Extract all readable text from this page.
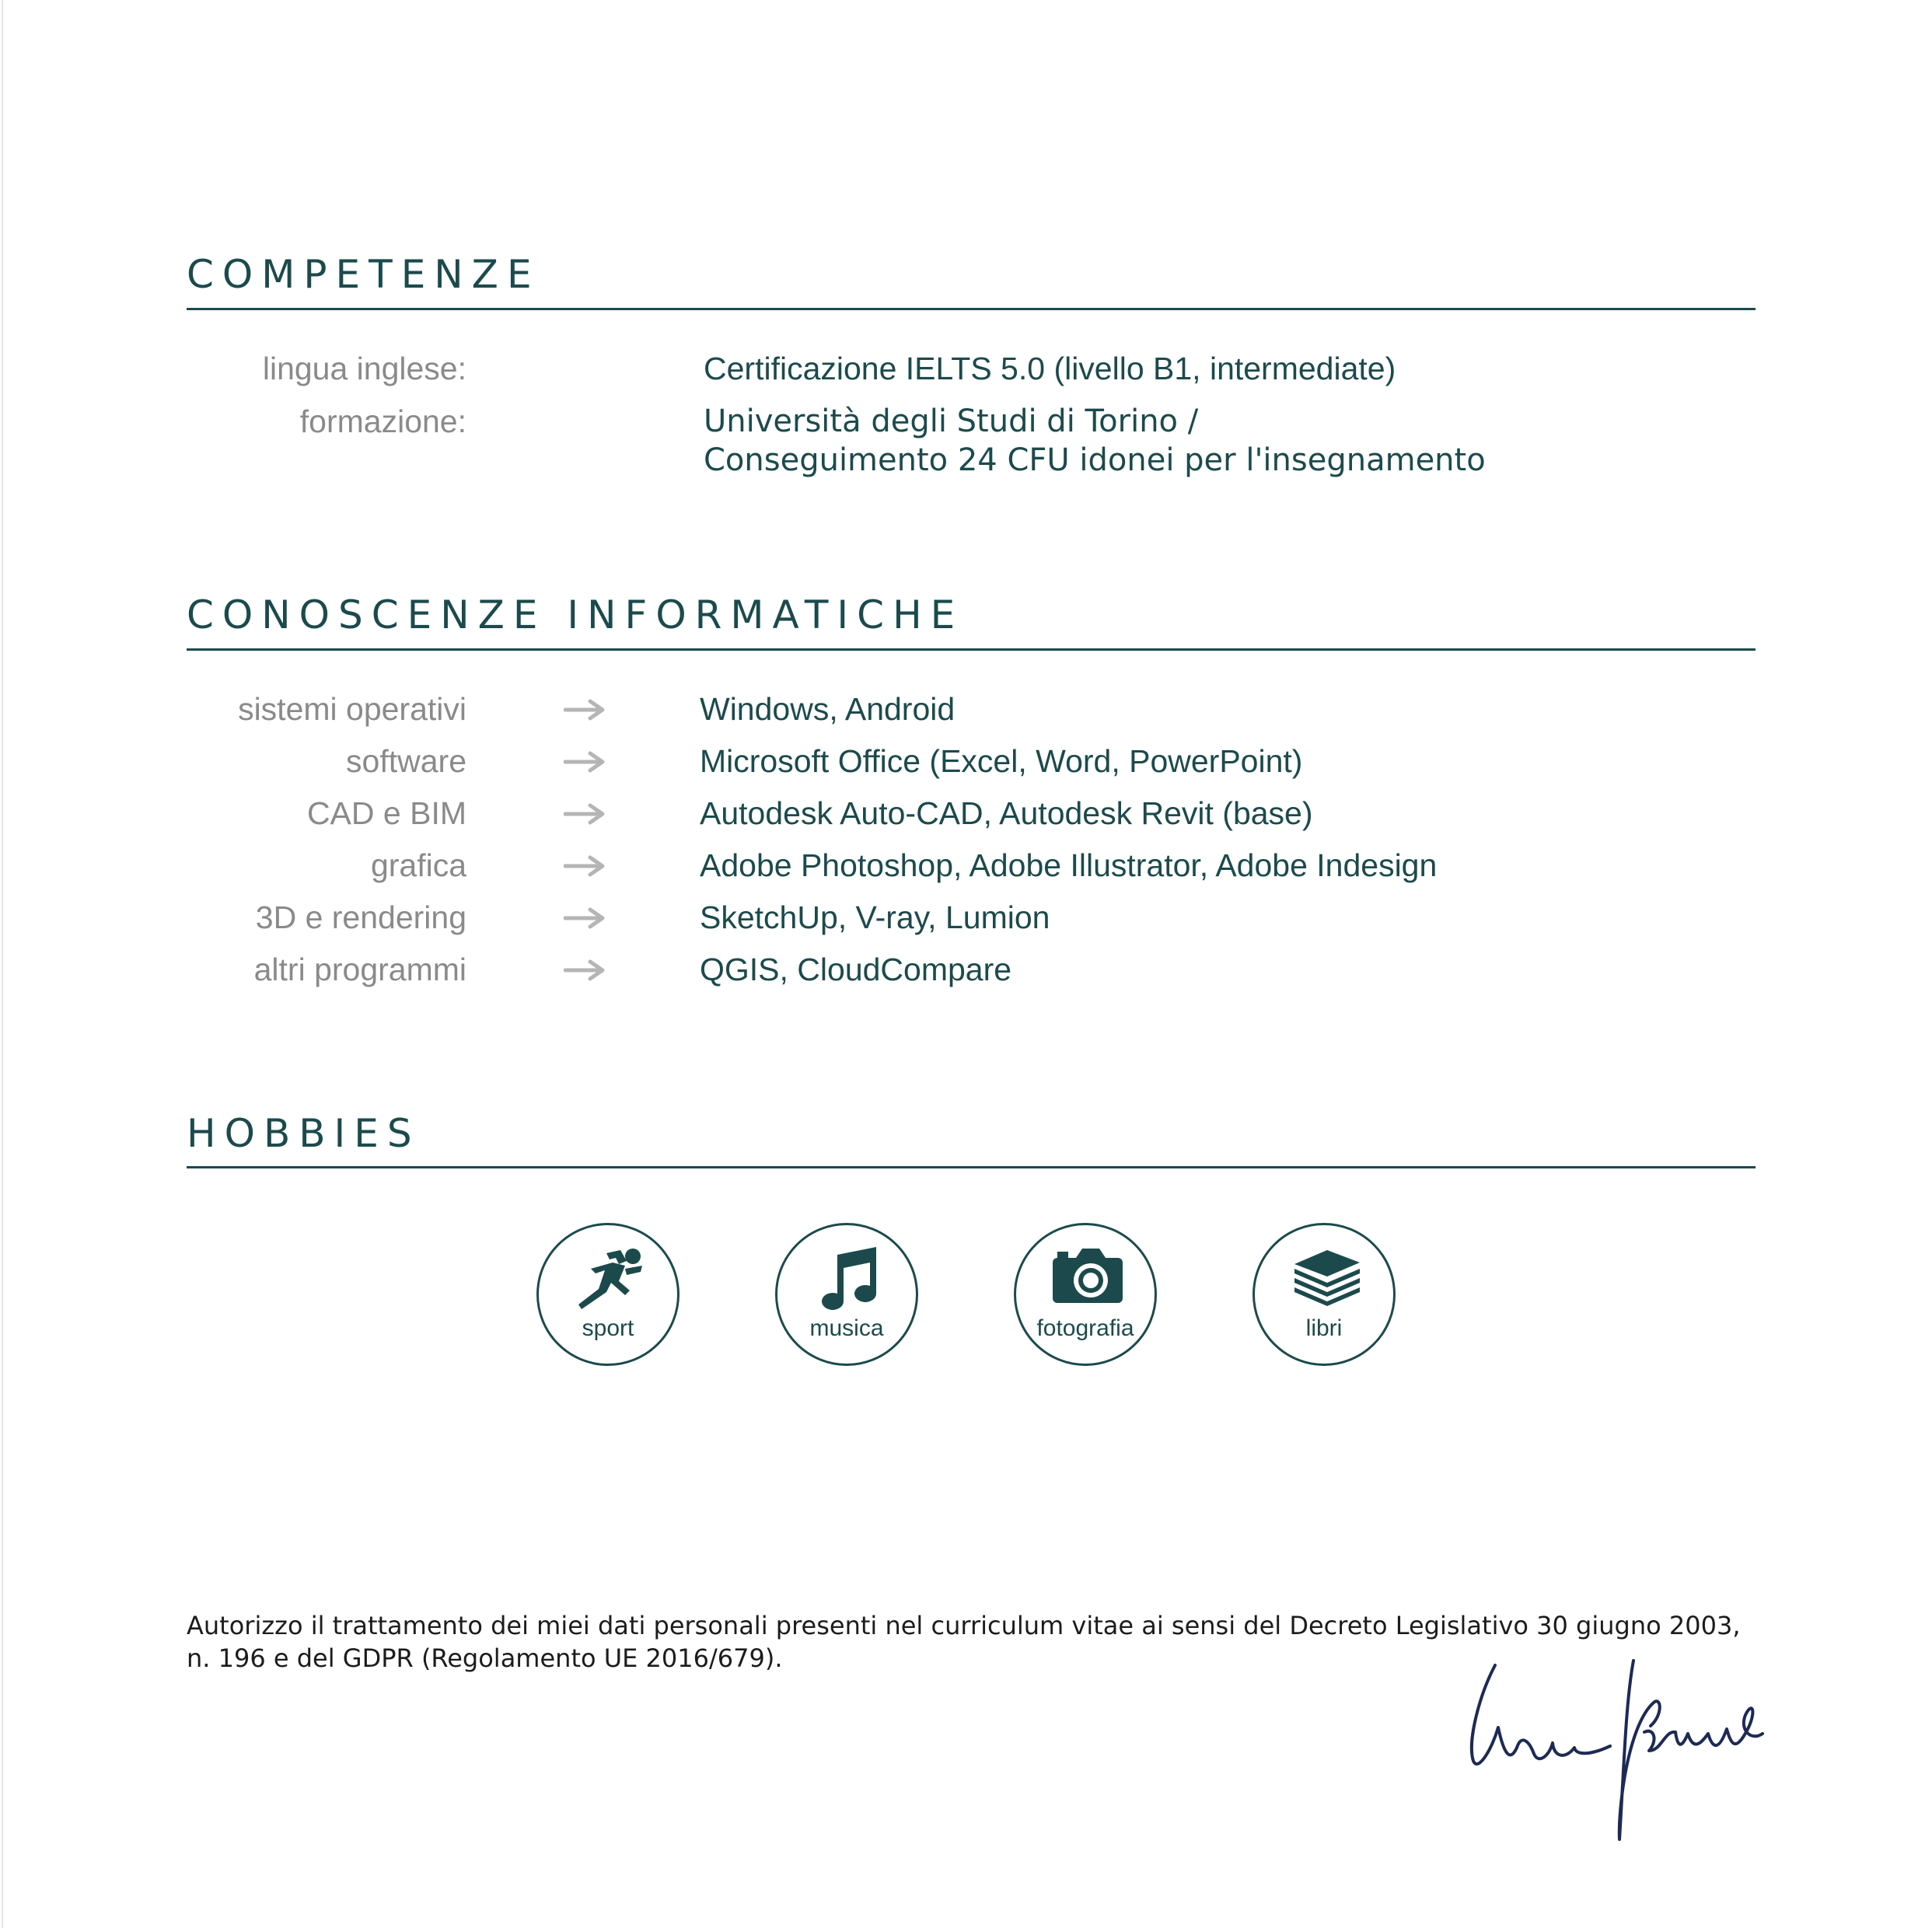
COMPETENZE
lingua inglese:	Certificazione IELTS 5.0 (livello B1, intermediate)
formazione:	Università degli Studi di Torino /
Conseguimento 24 CFU idonei per l'insegnamento
CONOSCENZE INFORMATICHE
sistemi operativi	Windows, Android
software	Microsoft Office (Excel, Word, PowerPoint)
CAD e BIM	Autodesk Auto-CAD, Autodesk Revit (base)
grafica	Adobe Photoshop, Adobe Illustrator, Adobe Indesign
3D e rendering	SketchUp, V-ray, Lumion
altri programmi	QGIS, CloudCompare
HOBBIES
sport	musica	fotografia	libri

Autorizzo il trattamento dei miei dati personali presenti nel curriculum vitae ai sensi del Decreto Legislativo 30 giugno 2003, n. 196 e del GDPR (Regolamento UE 2016/679).
